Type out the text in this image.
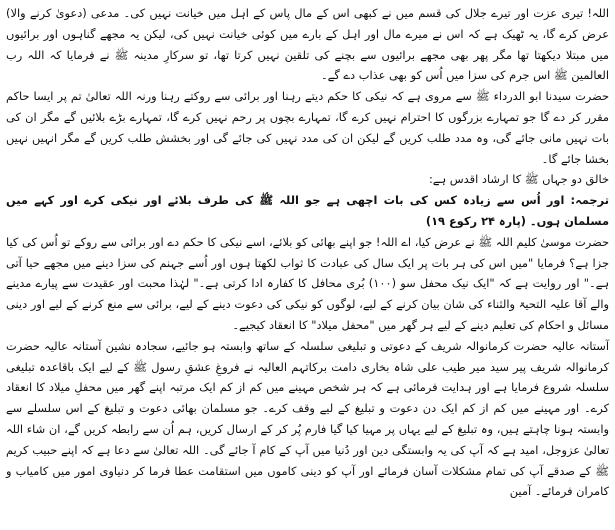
اللہ! تیری عزت اور تیرے جلال کی قسم میں نے کبھی اس کے مال پاس کے اہل میں خیانت نہیں کی۔ مدعی (دعویٰ کرنے والا) عرض کرے گا، یہ ٹھیک ہے کہ اس نے میرے مال اور اہل کے بارے میں کوئی خیانت نہیں کی، لیکن یہ مجھے گناہوں اور برائیوں میں مبتلا دیکھتا تھا مگر پھر بھی مجھے برائیوں سے بچنے کی تلقین نہیں کرتا تھا، تو سرکارِ مدینہ ﷺ نے فرمایا کہ اللہ رب العالمین ﷺ اس جرم کی سزا میں اُس کو بھی عذاب دے گے۔

حضرت سیدنا ابو الدرداء ﷺ سے مروی ہے کہ نیکی کا حکم دیتے رہنا اور برائی سے روکتے رہنا ورنہ اللہ تعالیٰ تم پر ایسا حاکم مقرر کر دے گا جو تمہارے بزرگوں کا احترام نہیں کرے گا، تمہارے بچوں پر رحم نہیں کرے گا، تمہارے بڑے بلائیں گے مگر ان کی بات نہیں مانی جائے گی، وہ مدد طلب کریں گے لیکن ان کی مدد نہیں کی جائے گی اور بخشش طلب کریں گے مگر انہیں نہیں بخشا جائے گا۔

خالق دو جہاں ﷺ کا ارشاد اقدس ہے:

ترجمہ: اور اُس سے زیادہ کس کی بات اچھی ہے جو اللہ ﷺ کی طرف بلائے اور نیکی کرے اور کہے میں مسلمان ہوں۔ (پارہ ۲۴ رکوع ۱۹)

حضرت موسیٰ کلیم اللہ ﷺ نے عرض کیا، اے اللہ! جو اپنے بھائی کو بلائے، اسے نیکی کا حکم دے اور برائی سے روکے تو اُس کی کیا جزا ہے؟ فرمایا "میں اس کی ہر بات پر ایک سال کی عبادت کا ثواب لکھتا ہوں اور اُسے جہنم کی سزا دینے میں مجھے حیا آتی ہے۔" اور روایت ہے کہ "ایک نیک محفل سو (۱۰۰) بُری محافل کا کفارہ ادا کرتی ہے۔" لہٰذا محبت اور عقیدت سے پیارے مدینے والے آقا علیہ التحیۃ والثناء کی شان بیان کرنے کے لیے، لوگوں کو نیکی کی دعوت دینے کے لیے، برائی سے منع کرنے کے لیے اور دینی مسائل و احکام کی تعلیم دینے کے لیے ہر گھر میں "محفل میلاد" کا انعقاد کیجیے۔

آستانہ عالیہ حضرت کرمانوالہ شریف کے دعوتی و تبلیغی سلسلہ کے ساتھ وابستہ ہو جائیے، سجادہ نشین آستانہ عالیہ حضرت کرمانوالہ شریف پیر سید میر طیب علی شاہ بخاری دامت برکاتہم العالیہ نے فروغِ عشقِ رسول ﷺ کے لیے ایک باقاعدہ تبلیغی سلسلہ شروع فرمایا ہے اور ہدایت فرمائی ہے کہ ہر شخص مہینے میں کم از کم ایک مرتبہ اپنے گھر میں محفلِ میلاد کا انعقاد کرے۔ اور مہینے میں کم از کم ایک دن دعوت و تبلیغ کے لیے وقف کرے۔ جو مسلمان بھائی دعوت و تبلیغ کے اس سلسلے سے وابستہ ہونا چاہتے ہیں، وہ تبلیغ کے لیے یہاں پر مہیا کیا گیا فارم پُر کر کے ارسال کریں، ہم اُن سے رابطہ کریں گے، ان شاء اللہ تعالیٰ عزوجل، امید ہے کہ آپ کی یہ وابستگی دین اور دُنیا میں آپ کے کام آ جائے گی۔ اللہ تعالیٰ سے دعا ہے کہ اپنے حبیب کریم ﷺ کے صدقے آپ کی تمام مشکلات آسان فرمائے اور آپ کو دینی کاموں میں استقامت عطا فرما کر دنیاوی امور میں کامیاب و کامران فرمائے۔ آمین
